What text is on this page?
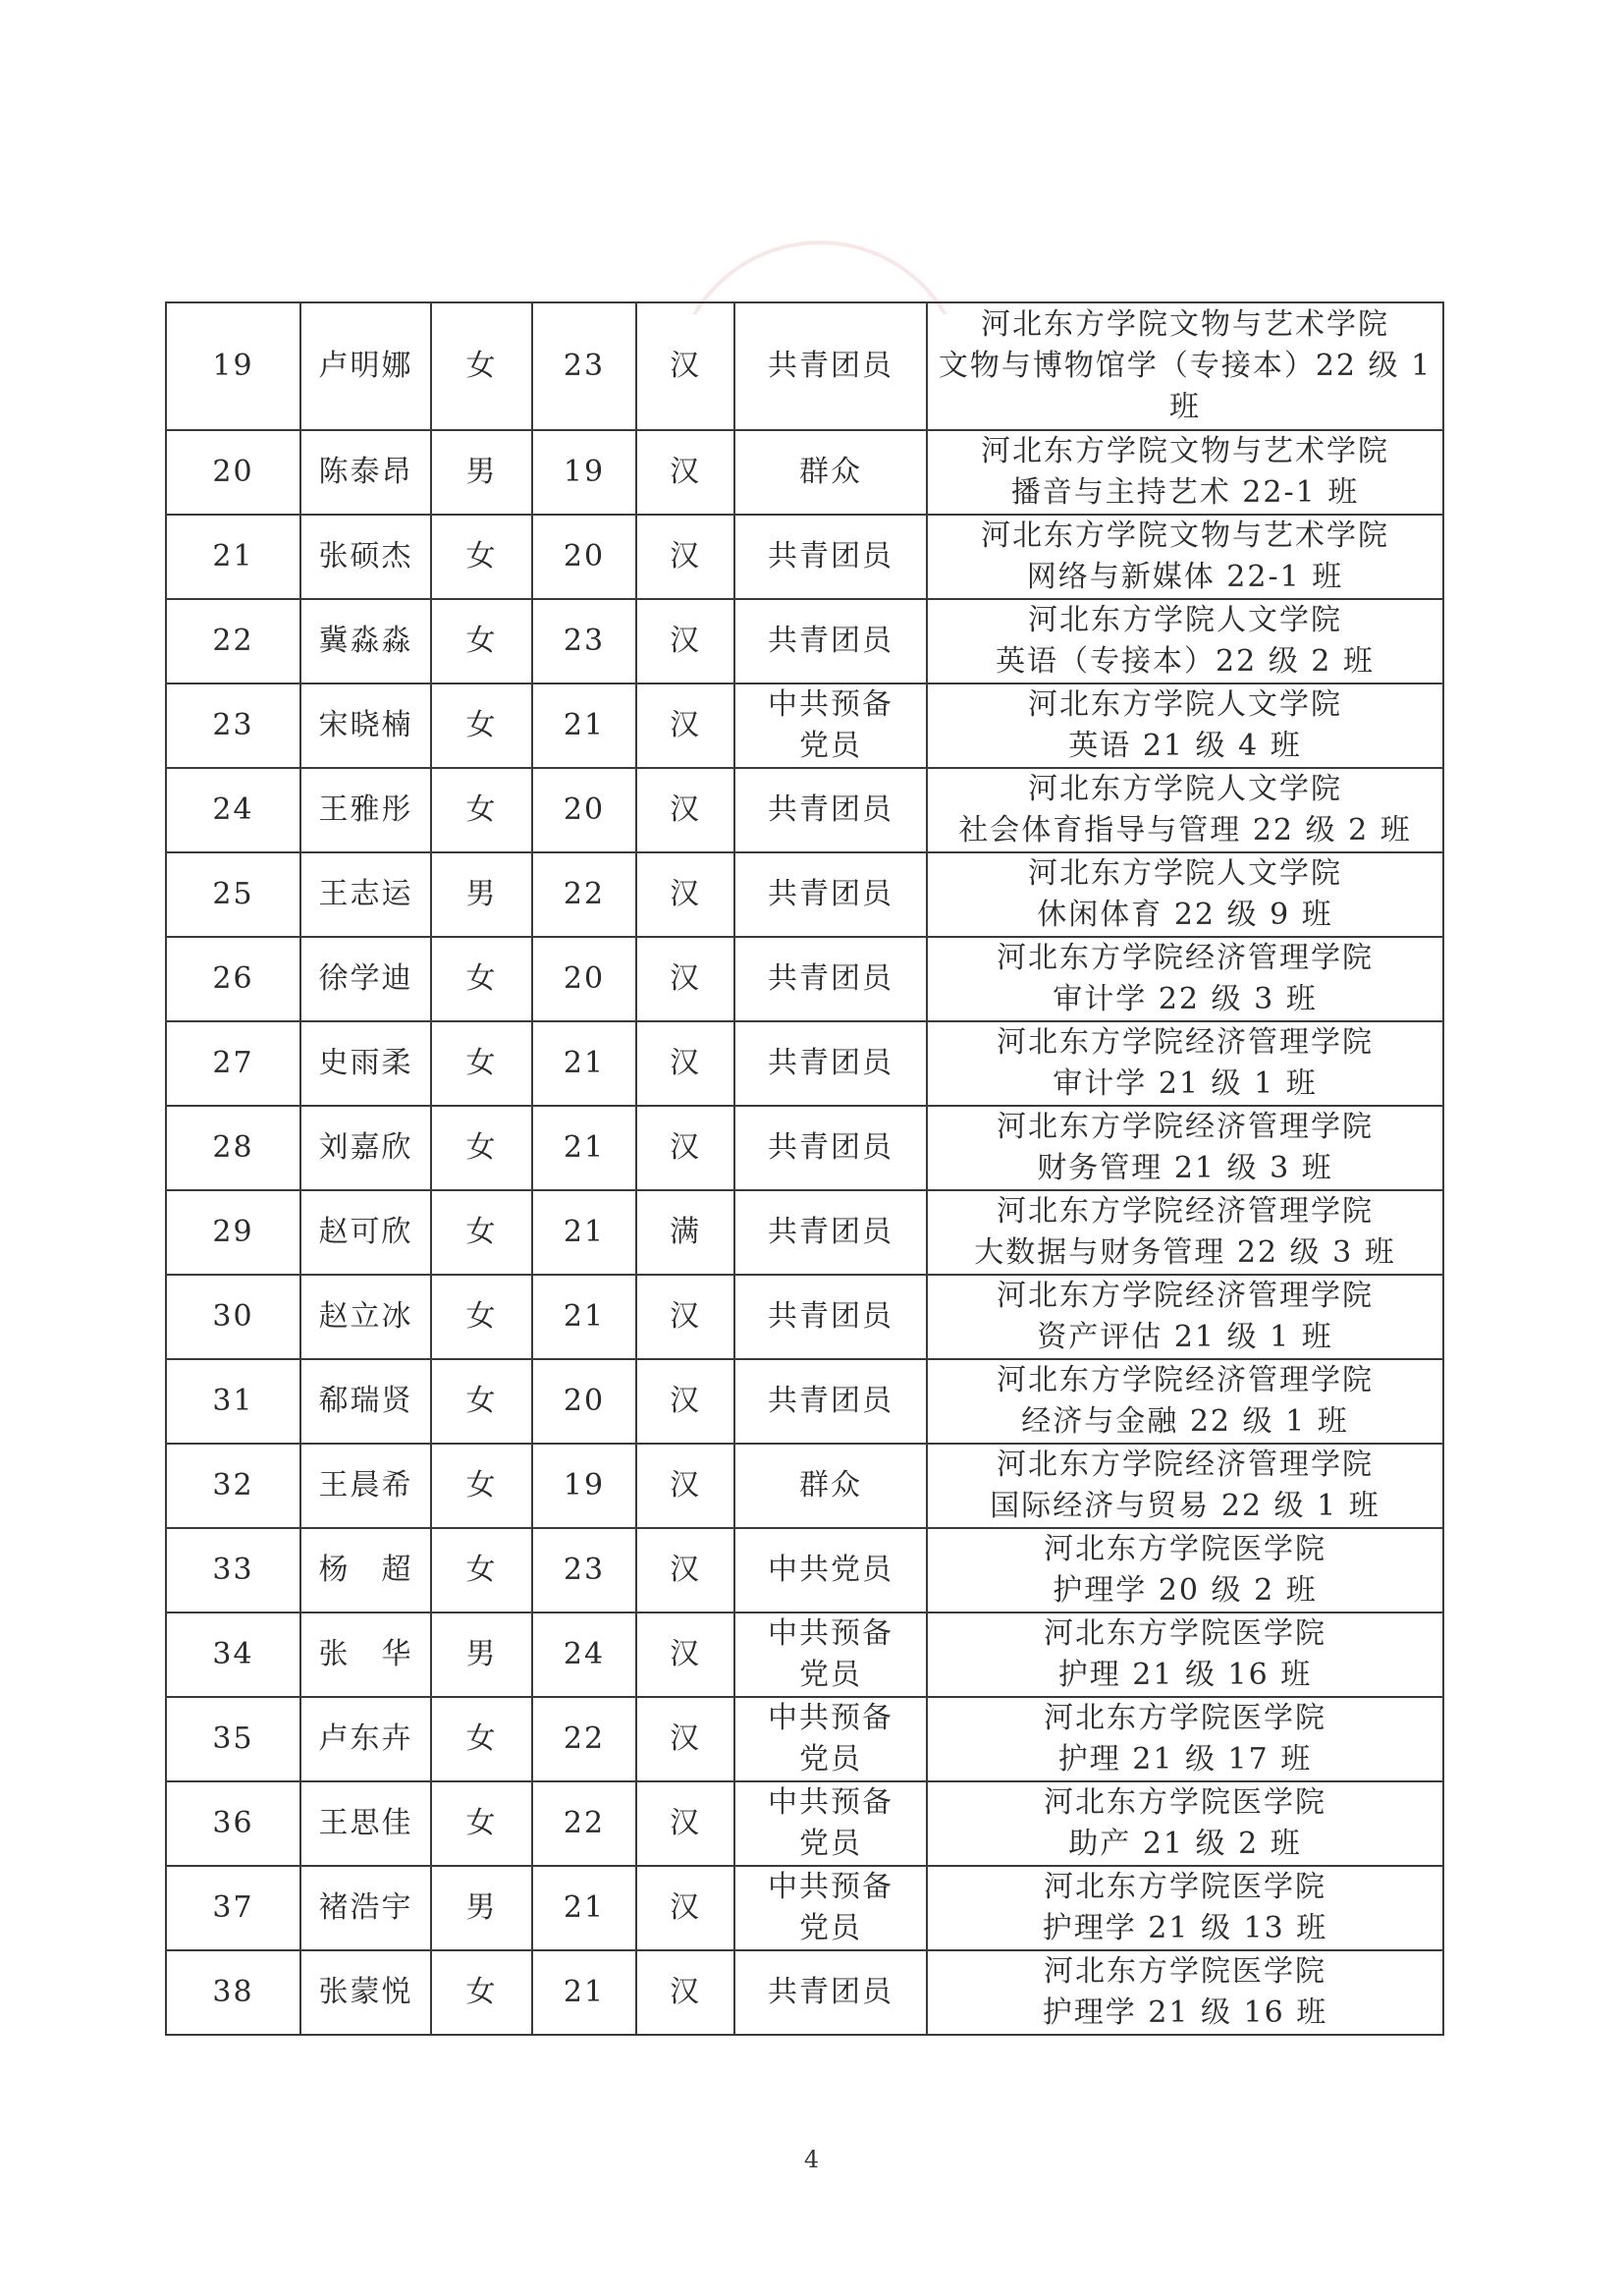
19	卢明娜	女	23	汉	共青团员	河北东方学院文物与艺术学院
文物与博物馆学（专接本）22 级 1
班

20	陈泰昂	男	19	汉	群众	河北东方学院文物与艺术学院
播音与主持艺术 22-1 班

21	张硕杰	女	20	汉	共青团员	河北东方学院文物与艺术学院
网络与新媒体 22-1 班

22	冀淼淼	女	23	汉	共青团员	河北东方学院人文学院
英语（专接本）22 级 2 班

23	宋晓楠	女	21	汉	中共预备
党员	河北东方学院人文学院
英语 21 级 4 班

24	王雅彤	女	20	汉	共青团员	河北东方学院人文学院
社会体育指导与管理 22 级 2 班

25	王志运	男	22	汉	共青团员	河北东方学院人文学院
休闲体育 22 级 9 班

26	徐学迪	女	20	汉	共青团员	河北东方学院经济管理学院
审计学 22 级 3 班

27	史雨柔	女	21	汉	共青团员	河北东方学院经济管理学院
审计学 21 级 1 班

28	刘嘉欣	女	21	汉	共青团员	河北东方学院经济管理学院
财务管理 21 级 3 班

29	赵可欣	女	21	满	共青团员	河北东方学院经济管理学院
大数据与财务管理 22 级 3 班

30	赵立冰	女	21	汉	共青团员	河北东方学院经济管理学院
资产评估 21 级 1 班

31	郗瑞贤	女	20	汉	共青团员	河北东方学院经济管理学院
经济与金融 22 级 1 班

32	王晨希	女	19	汉	群众	河北东方学院经济管理学院
国际经济与贸易 22 级 1 班

33	杨　超	女	23	汉	中共党员	河北东方学院医学院
护理学 20 级 2 班

34	张　华	男	24	汉	中共预备
党员	河北东方学院医学院
护理 21 级 16 班

35	卢东卉	女	22	汉	中共预备
党员	河北东方学院医学院
护理 21 级 17 班

36	王思佳	女	22	汉	中共预备
党员	河北东方学院医学院
助产 21 级 2 班

37	褚浩宇	男	21	汉	中共预备
党员	河北东方学院医学院
护理学 21 级 13 班

38	张蒙悦	女	21	汉	共青团员	河北东方学院医学院
护理学 21 级 16 班
4
